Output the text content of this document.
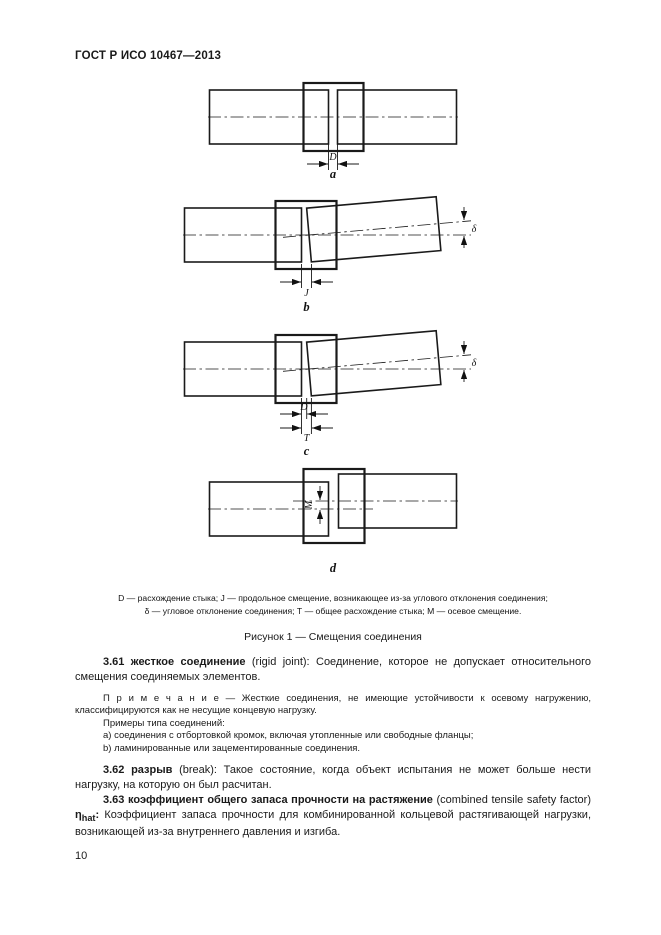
ГОСТ Р ИСО 10467—2013
D
a
δ
J
b
δ
D
T
c
M
d
D — расхождение стыка; J — продольное смещение, возникающее из-за углового отклонения соединения;
δ — угловое отклонение соединения; Т — общее расхождение стыка; М — осевое смещение.
Рисунок 1 — Смещения соединения

3.61 жесткое соединение (rigid joint): Соединение, которое не допускает относительного смещения соединяемых элементов.

П р и м е ч а н и е — Жесткие соединения, не имеющие устойчивости к осевому нагружению, классифицируются как не несущие концевую нагрузку.

Примеры типа соединений:

a) соединения с отбортовкой кромок, включая утопленные или свободные фланцы;

b) ламинированные или зацементированные соединения.

3.62 разрыв (break): Такое состояние, когда объект испытания не может больше нести нагрузку, на которую он был расчитан.

3.63 коэффициент общего запаса прочности на растяжение (combined tensile safety factor) $\eta_{hat}$: Коэффициент запаса прочности для комбинированной кольцевой растягивающей нагрузки, возникающей из-за внутреннего давления и изгиба.

10
